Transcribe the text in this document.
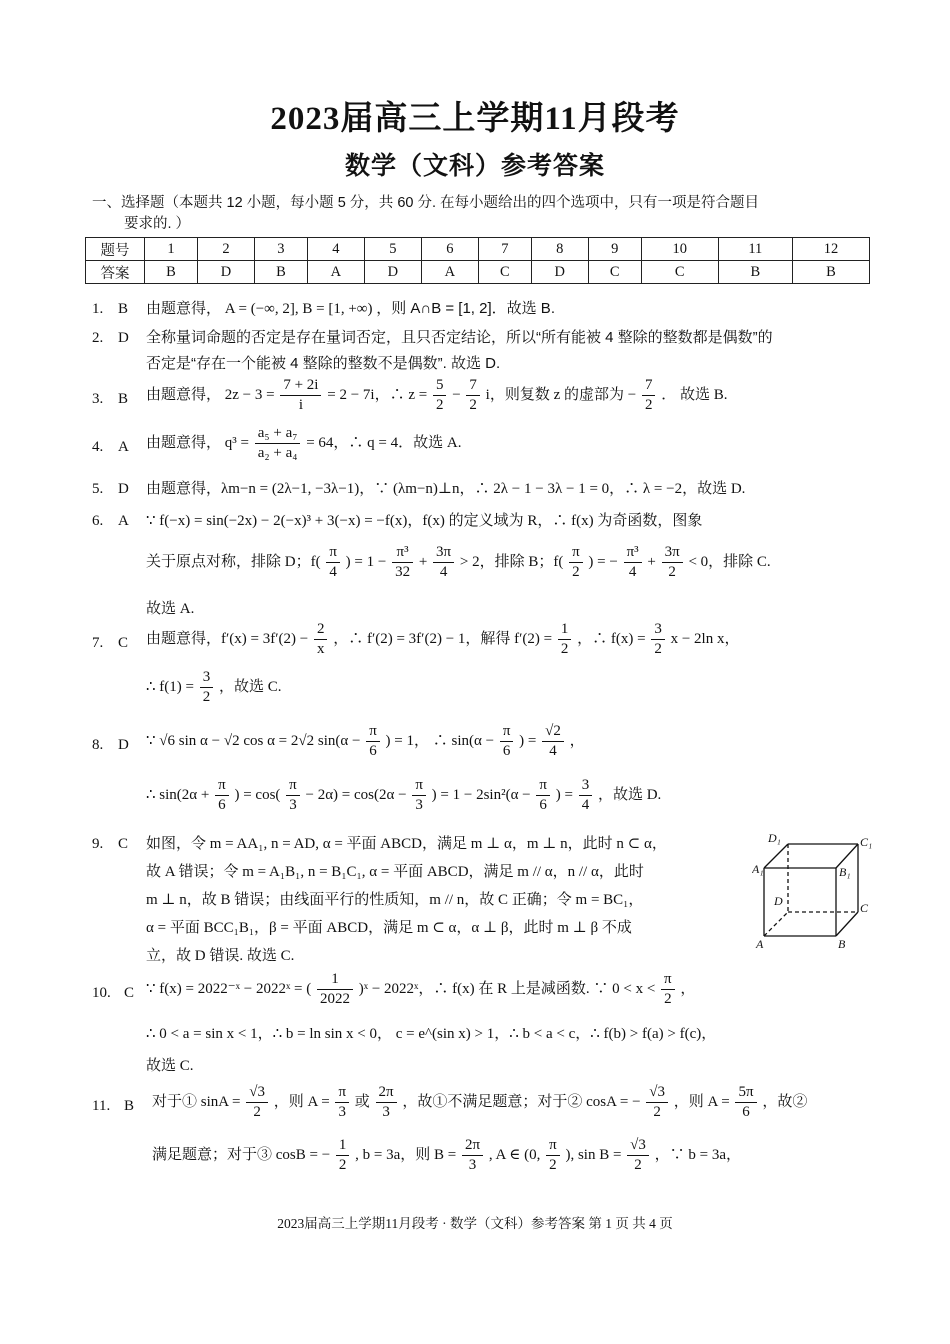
2023届高三上学期11月段考
数学（文科）参考答案
一、选择题（本题共 12 小题，每小题 5 分，共 60 分. 在每小题给出的四个选项中，只有一项是符合题目
要求的. ）
题号	1	2	3	4	5	6	7	8	9	10	11	12
答案	B	D	B	A	D	A	C	D	C	C	B	B
1. B 由题意得， A = (−∞, 2], B = [1, +∞) ，则 A∩B = [1, 2]．故选 B.
2. D 全称量词命题的否定是存在量词否定，且只否定结论，所以“所有能被 4 整除的整数都是偶数”的
否定是“存在一个能被 4 整除的整数不是偶数”. 故选 D.
3. B 由题意得， $2z - 3 = \frac{7 + 2i}{i} = 2 - 7i$，∴ $z = \frac{5}{2} - \frac{7}{2}$ i，则复数 z 的虚部为 − $\frac{7}{2}$ ． 故选 B.
4. A 由题意得， $q^3 = \frac{\text{a₅ + a₇}}{\text{a₂ + a₄}} = 64$，∴ q = 4．故选 A.
5. D 由题意得，λm−n = (2λ−1, −3λ−1)，∵ (λm−n)⊥n，∴ 2λ − 1 − 3λ − 1 = 0，∴ λ = −2，故选 D.
6. A ∵ f(−x) = sin(−2x) − 2(−x)³ + 3(−x) = −f(x)，f(x) 的定义域为 R，∴ f(x) 为奇函数，图象
关于原点对称，排除 D；$f( \frac{\pi}{4}$ ) = $1 - \frac{\text{π³}}{32} + \frac{3\pi}{4} > 2$，排除 B；$f( \frac{\pi}{2}$ ) = − $\frac{\text{π³}}{4} + \frac{3\pi}{2} < 0$，排除 C.
故选 A.
7. C 由题意得，$f'(x) = 3f'(2) - \frac{2}{x}$ ，∴ f′(2) = 3f′(2) − 1，解得 $f'(2) = \frac{1}{2}$ ，∴ $f(x) = \frac{3}{2}$ x − 2ln x，
∴ $f(1) = \frac{3}{2}$ ，故选 C.
8. D ∵ √6 sin α − √2 cos α = 2√2 $\sin(\alpha - \frac{\pi}{6}$ ) = 1， ∴ $\sin(\alpha - \frac{\pi}{6}$ ) = $\frac{√2}{4}$ ，
∴ $\sin(2\alpha + \frac{\pi}{6}$ ) = $\cos( \frac{\pi}{3} - 2\alpha) = \cos(2\alpha - \frac{\pi}{3}$ ) = $1 - 2\sin^2(\alpha - \frac{\pi}{6}$ ) = $\frac{3}{4}$ ，故选 D.
9. C 如图，令 m = AA₁, n = AD, α = 平面 ABCD，满足 m ⊥ α，m ⊥ n，此时 n ⊂ α，
故 A 错误；令 m = A₁B₁, n = B₁C₁, α = 平面 ABCD，满足 m // α，n // α，此时
m ⊥ n，故 B 错误；由线面平行的性质知，m // n，故 C 正确；令 m = BC₁，
α = 平面 BCC₁B₁，β = 平面 ABCD，满足 m ⊂ α，α ⊥ β，此时 m ⊥ β 不成
立，故 D 错误. 故选 C.
D₁	C₁
A₁	B₁
D	C
A	B
10. C ∵ f(x) = 2022⁻ˣ − 2022ˣ = ( $\frac{1}{2022}$ )ˣ − 2022ˣ，∴ f(x) 在 R 上是减函数. ∵ $0 < x < \frac{\pi}{2}$ ，
∴ 0 < a = sin x < 1，∴ b = ln sin x < 0， c = e^(sin x) > 1，∴ b < a < c，∴ f(b) > f(a) > f(c)，
故选 C.
11. B 对于① $\sin A = \frac{√3}{2}$ ，则 $A = \frac{\pi}{3}$ 或 $\frac{2\pi}{3}$ ，故①不满足题意；对于② cosA = − $\frac{√3}{2}$ ，则 $A = \frac{5\pi}{6}$ ，故②
满足题意；对于③ cosB = − $\frac{1}{2}$ , b = 3a，则 $B = \frac{2\pi}{3}$ , A ∈ (0, $\frac{\pi}{2}$ ), $\sin B = \frac{√3}{2}$ ，∵ b = 3a，
2023届高三上学期11月段考 · 数学（文科）参考答案 第 1 页 共 4 页
